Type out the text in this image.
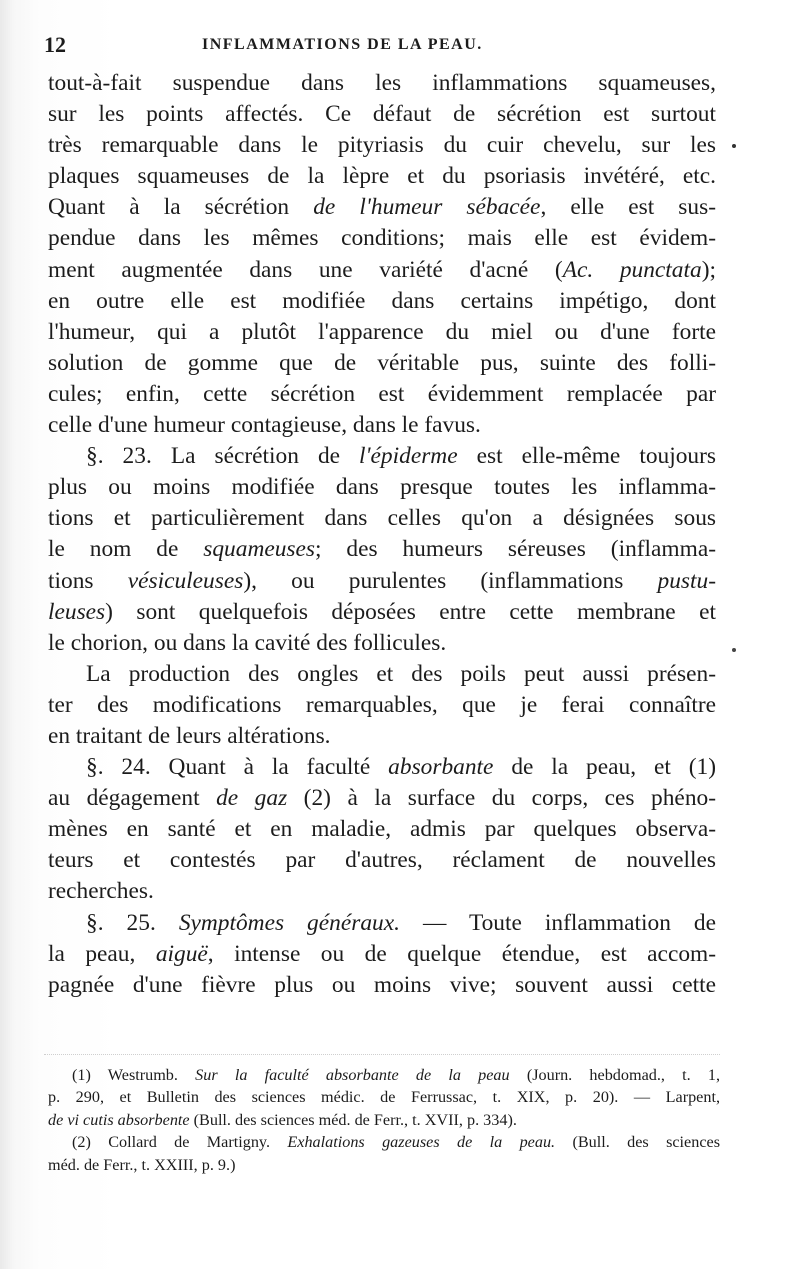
12	INFLAMMATIONS DE LA PEAU.
tout-à-fait suspendue dans les inflammations squameuses,
sur les points affectés. Ce défaut de sécrétion est surtout
très remarquable dans le pityriasis du cuir chevelu, sur les
plaques squameuses de la lèpre et du psoriasis invétéré, etc.
Quant à la sécrétion de l'humeur sébacée, elle est sus-
pendue dans les mêmes conditions; mais elle est évidem-
ment augmentée dans une variété d'acné (Ac. punctata);
en outre elle est modifiée dans certains impétigo, dont
l'humeur, qui a plutôt l'apparence du miel ou d'une forte
solution de gomme que de véritable pus, suinte des folli-
cules; enfin, cette sécrétion est évidemment remplacée par
celle d'une humeur contagieuse, dans le favus.
§. 23. La sécrétion de l'épiderme est elle-même toujours
plus ou moins modifiée dans presque toutes les inflamma-
tions et particulièrement dans celles qu'on a désignées sous
le nom de squameuses; des humeurs séreuses (inflamma-
tions vésiculeuses), ou purulentes (inflammations pustu-
leuses) sont quelquefois déposées entre cette membrane et
le chorion, ou dans la cavité des follicules.
La production des ongles et des poils peut aussi présen-
ter des modifications remarquables, que je ferai connaître
en traitant de leurs altérations.
§. 24. Quant à la faculté absorbante de la peau, et (1)
au dégagement de gaz (2) à la surface du corps, ces phéno-
mènes en santé et en maladie, admis par quelques observa-
teurs et contestés par d'autres, réclament de nouvelles
recherches.
§. 25. Symptômes généraux. — Toute inflammation de
la peau, aiguë, intense ou de quelque étendue, est accom-
pagnée d'une fièvre plus ou moins vive; souvent aussi cette
(1) Westrumb. Sur la faculté absorbante de la peau (Journ. hebdomad., t. 1,
p. 290, et Bulletin des sciences médic. de Ferrussac, t. XIX, p. 20). — Larpent,
de vi cutis absorbente (Bull. des sciences méd. de Ferr., t. XVII, p. 334).
(2) Collard de Martigny. Exhalations gazeuses de la peau. (Bull. des sciences
méd. de Ferr., t. XXIII, p. 9.)
